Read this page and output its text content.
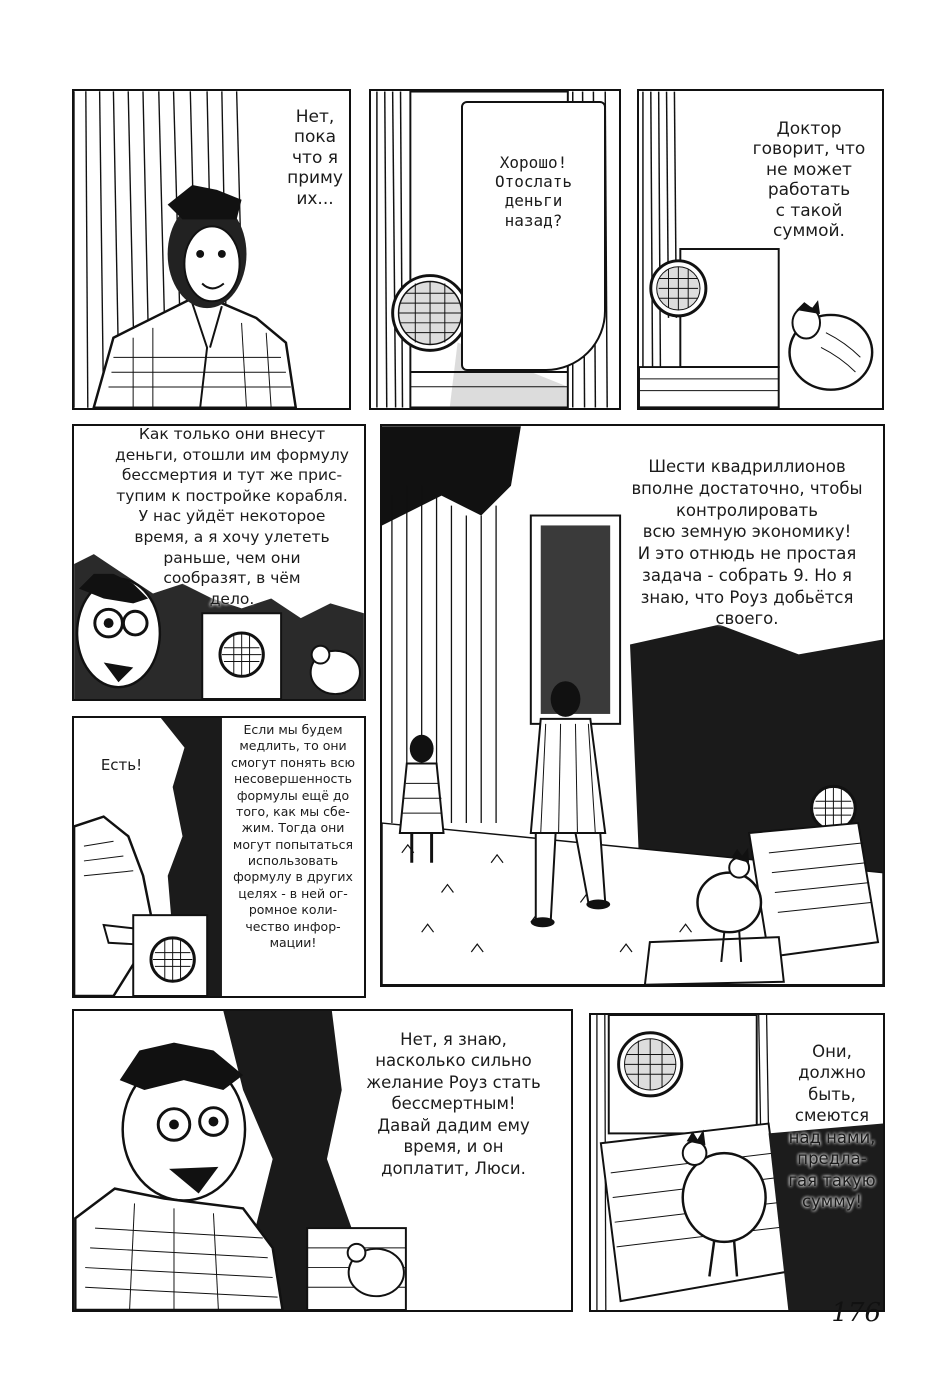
Нет,
пока
что я
приму
их...
Хорошо!
Отослать
деньги
назад?
Доктор
говорит, что
не может
работать
с такой
суммой.
Как только они внесут
деньги, отошли им формулу
бессмертия и тут же прис-
тупим к постройке корабля.
У нас уйдёт некоторое
время, а я хочу улететь
раньше, чем они
сообразят, в чём
дело.
Шести квадриллионов
вполне достаточно, чтобы
контролировать
всю земную экономику!
И это отнюдь не простая
задача - собрать 9. Но я
знаю, что Роуз добьётся
своего.
Есть!
Если мы будем
медлить, то они
смогут понять всю
несовершенность
формулы ещё до
того, как мы сбе-
жим. Тогда они
могут попытаться
использовать
формулу в других
целях - в ней ог-
ромное коли-
чество инфор-
мации!
Нет, я знаю,
насколько сильно
желание Роуз стать
бессмертным!
Давай дадим ему
время, и он
доплатит, Люси.
Они,
должно
быть,
смеются
над нами,
предла-
гая такую
сумму!
176
